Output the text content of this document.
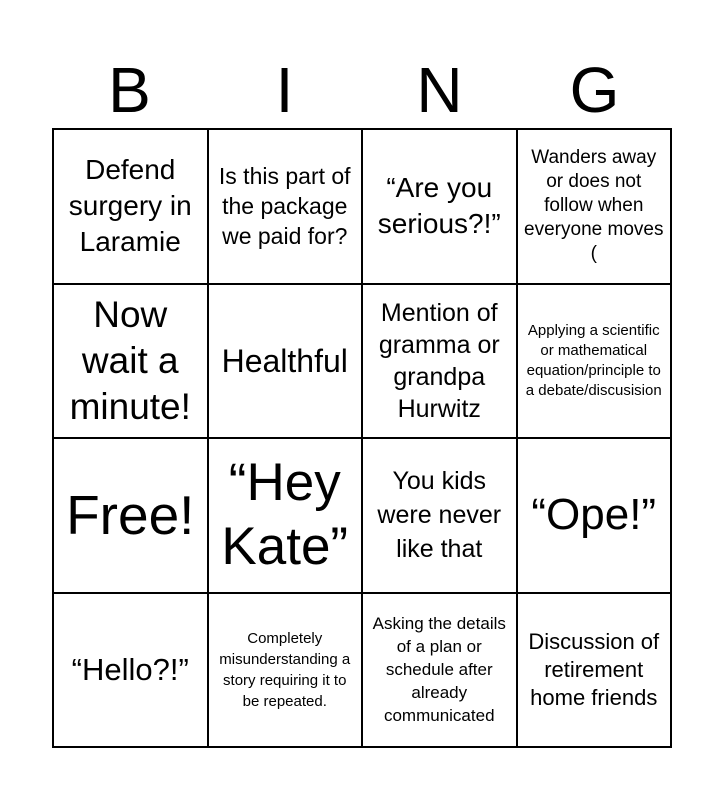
B	I	N	G
Defend surgery in Laramie
Is this part of the package we paid for?
“Are you serious?!”
Wanders away or does not follow when everyone moves (
Now wait a minute!
Healthful
Mention of gramma or grandpa Hurwitz
Applying a scientific or mathematical equation/principle to a debate/discusision
Free!
“Hey Kate”
You kids were never like that
“Ope!”
“Hello?!”
Completely misunderstanding a story requiring it to be repeated.
Asking the details of a plan or schedule after already communicated
Discussion of retirement home friends
